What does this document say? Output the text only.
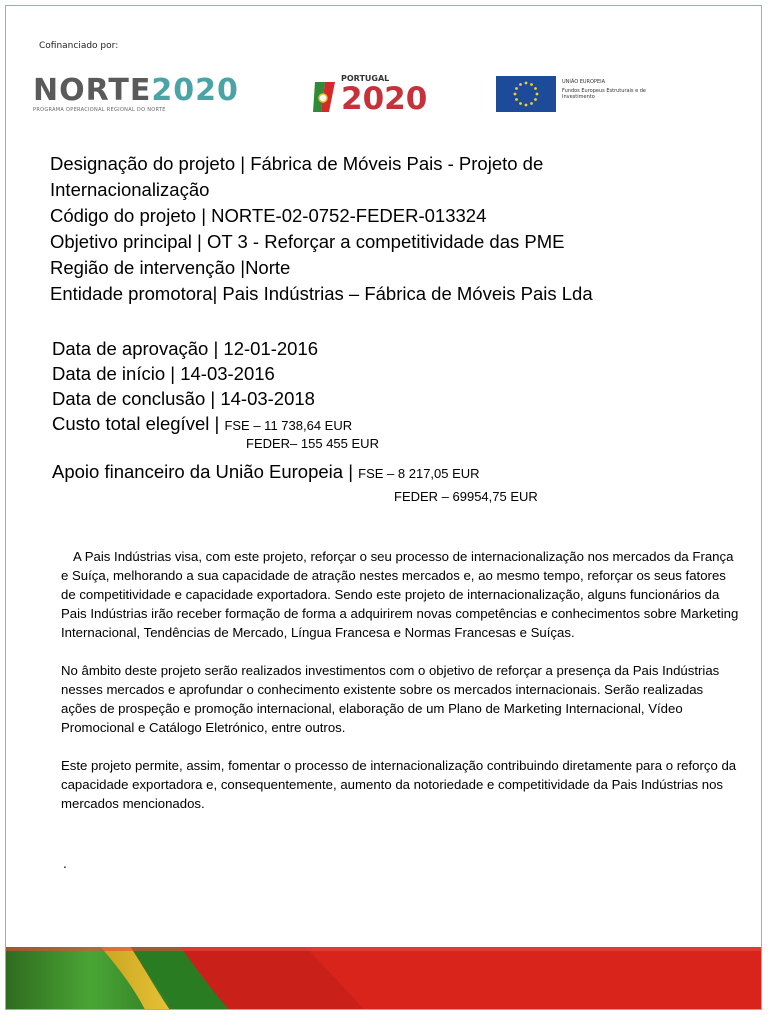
Cofinanciado por:
NORTE2020
PROGRAMA OPERACIONAL REGIONAL DO NORTE
PORTUGAL
2020	UNIÃO EUROPEIA
Fundos Europeus Estruturais e de Investimento
Designação do projeto | Fábrica de Móveis Pais - Projeto de
Internacionalização
Código do projeto | NORTE-02-0752-FEDER-013324
Objetivo principal | OT 3 - Reforçar a competitividade das PME
Região de intervenção |Norte
Entidade promotora| Pais Indústrias – Fábrica de Móveis Pais Lda
Data de aprovação | 12-01-2016
Data de início | 14-03-2016
Data de conclusão | 14-03-2018
Custo total elegível | FSE – 11 738,64 EUR
FEDER– 155 455 EUR
Apoio financeiro da União Europeia | FSE – 8 217,05 EUR
FEDER – 69954,75 EUR

A Pais Indústrias visa, com este projeto, reforçar o seu processo de internacionalização nos mercados da França e Suíça, melhorando a sua capacidade de atração nestes mercados e, ao mesmo tempo, reforçar os seus fatores de competitividade e capacidade exportadora. Sendo este projeto de internacionalização, alguns funcionários da Pais Indústrias irão receber formação de forma a adquirirem novas competências e conhecimentos sobre Marketing Internacional, Tendências de Mercado, Língua Francesa e Normas Francesas e Suíças.

No âmbito deste projeto serão realizados investimentos com o objetivo de reforçar a presença da Pais Indústrias nesses mercados e aprofundar o conhecimento existente sobre os mercados internacionais. Serão realizadas ações de prospeção e promoção internacional, elaboração de um Plano de Marketing Internacional, Vídeo Promocional e Catálogo Eletrónico, entre outros.

Este projeto permite, assim, fomentar o processo de internacionalização contribuindo diretamente para o reforço da capacidade exportadora e, consequentemente, aumento da notoriedade e competitividade da Pais Indústrias nos mercados mencionados.

.
